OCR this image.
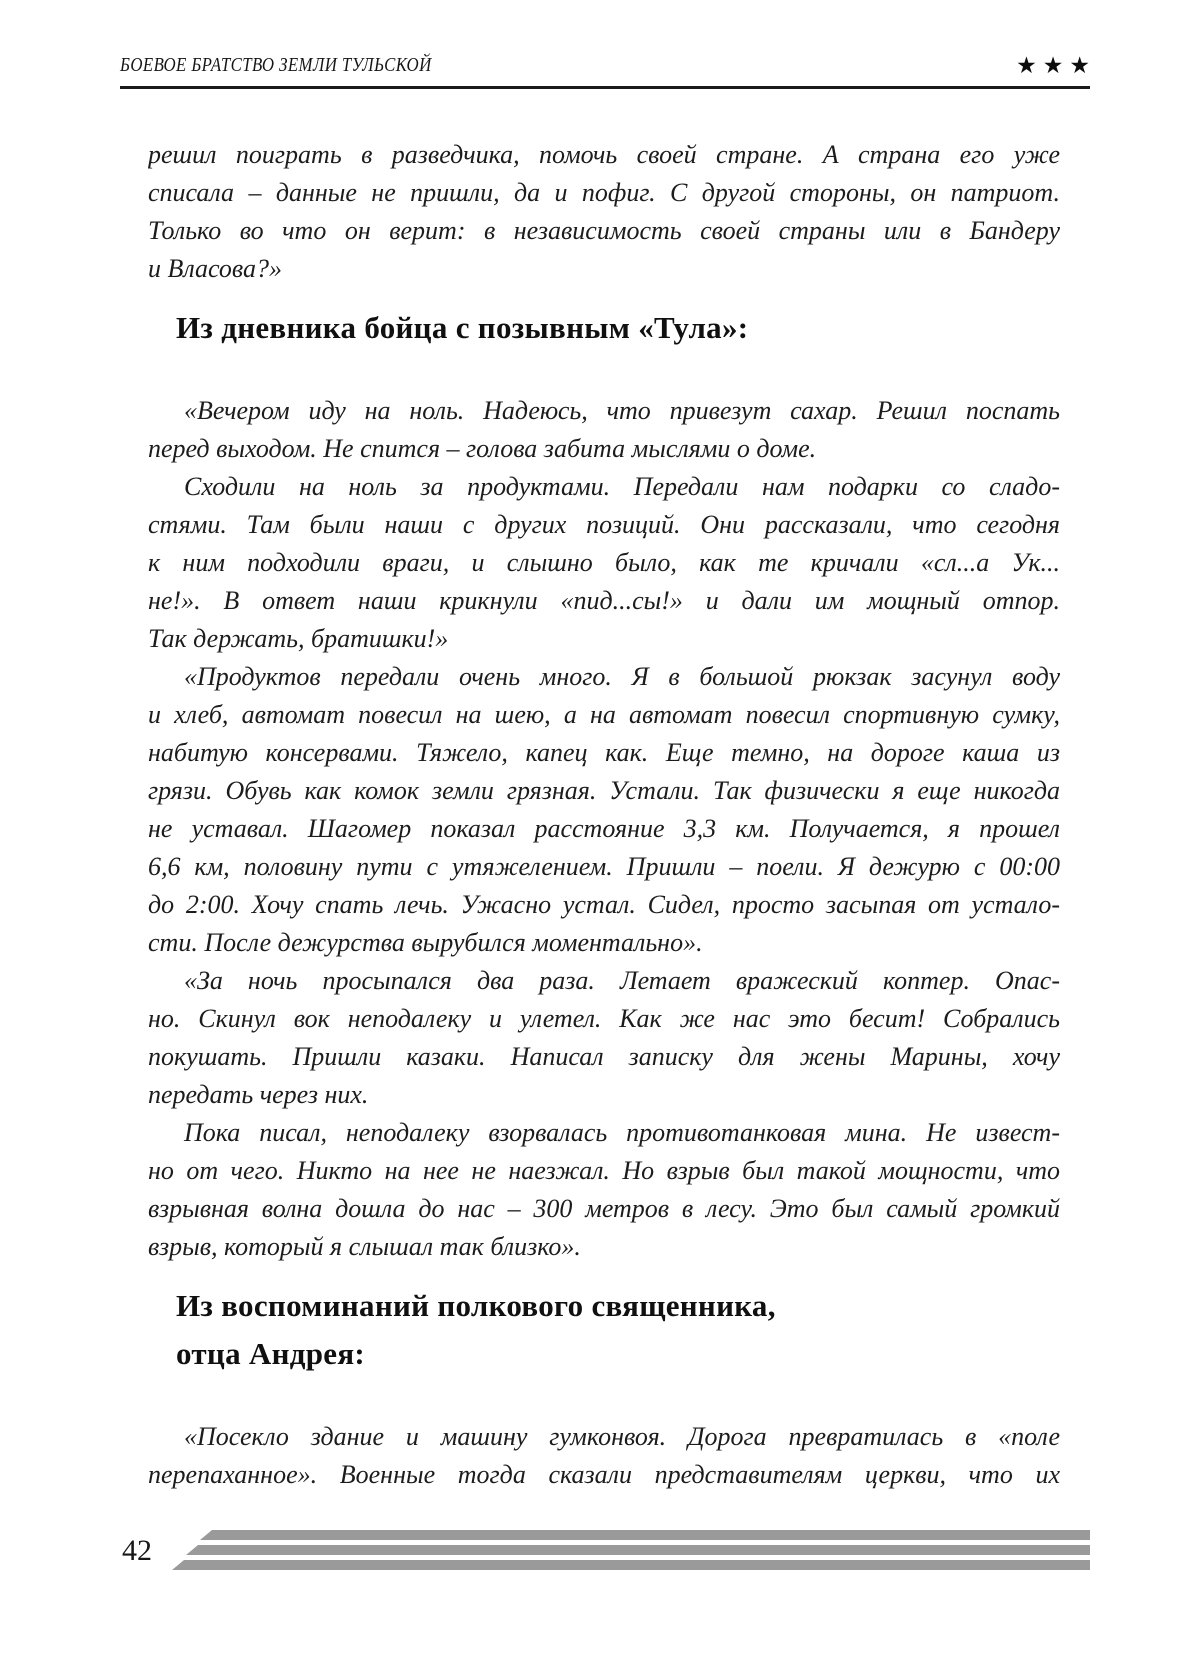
БОЕВОЕ БРАТСТВО ЗЕМЛИ ТУЛЬСКОЙ	★★★
решил поиграть в разведчика, помочь своей стране. А страна его уже
списала – данные не пришли, да и пофиг. С другой стороны, он патриот.
Только во что он верит: в независимость своей страны или в Бандеру
и Власова?»
Из дневника бойца с позывным «Тула»:
«Вечером иду на ноль. Надеюсь, что привезут сахар. Решил поспать
перед выходом. Не спится – голова забита мыслями о доме.
Сходили на ноль за продуктами. Передали нам подарки со сладо-
стями. Там были наши с других позиций. Они рассказали, что сегодня
к ним подходили враги, и слышно было, как те кричали «сл...а Ук...
не!». В ответ наши крикнули «пид...сы!» и дали им мощный отпор.
Так держать, братишки!»
«Продуктов передали очень много. Я в большой рюкзак засунул воду
и хлеб, автомат повесил на шею, а на автомат повесил спортивную сумку,
набитую консервами. Тяжело, капец как. Еще темно, на дороге каша из
грязи. Обувь как комок земли грязная. Устали. Так физически я еще никогда
не уставал. Шагомер показал расстояние 3,3 км. Получается, я прошел
6,6 км, половину пути с утяжелением. Пришли – поели. Я дежурю с 00:00
до 2:00. Хочу спать лечь. Ужасно устал. Сидел, просто засыпая от устало-
сти. После дежурства вырубился моментально».
«За ночь просыпался два раза. Летает вражеский коптер. Опас-
но. Скинул вок неподалеку и улетел. Как же нас это бесит! Собрались
покушать. Пришли казаки. Написал записку для жены Марины, хочу
передать через них.
Пока писал, неподалеку взорвалась противотанковая мина. Не извест-
но от чего. Никто на нее не наезжал. Но взрыв был такой мощности, что
взрывная волна дошла до нас – 300 метров в лесу. Это был самый громкий
взрыв, который я слышал так близко».
Из воспоминаний полкового священника,
отца Андрея:
«Посекло здание и машину гумконвоя. Дорога превратилась в «поле
перепаханное». Военные тогда сказали представителям церкви, что их
42
